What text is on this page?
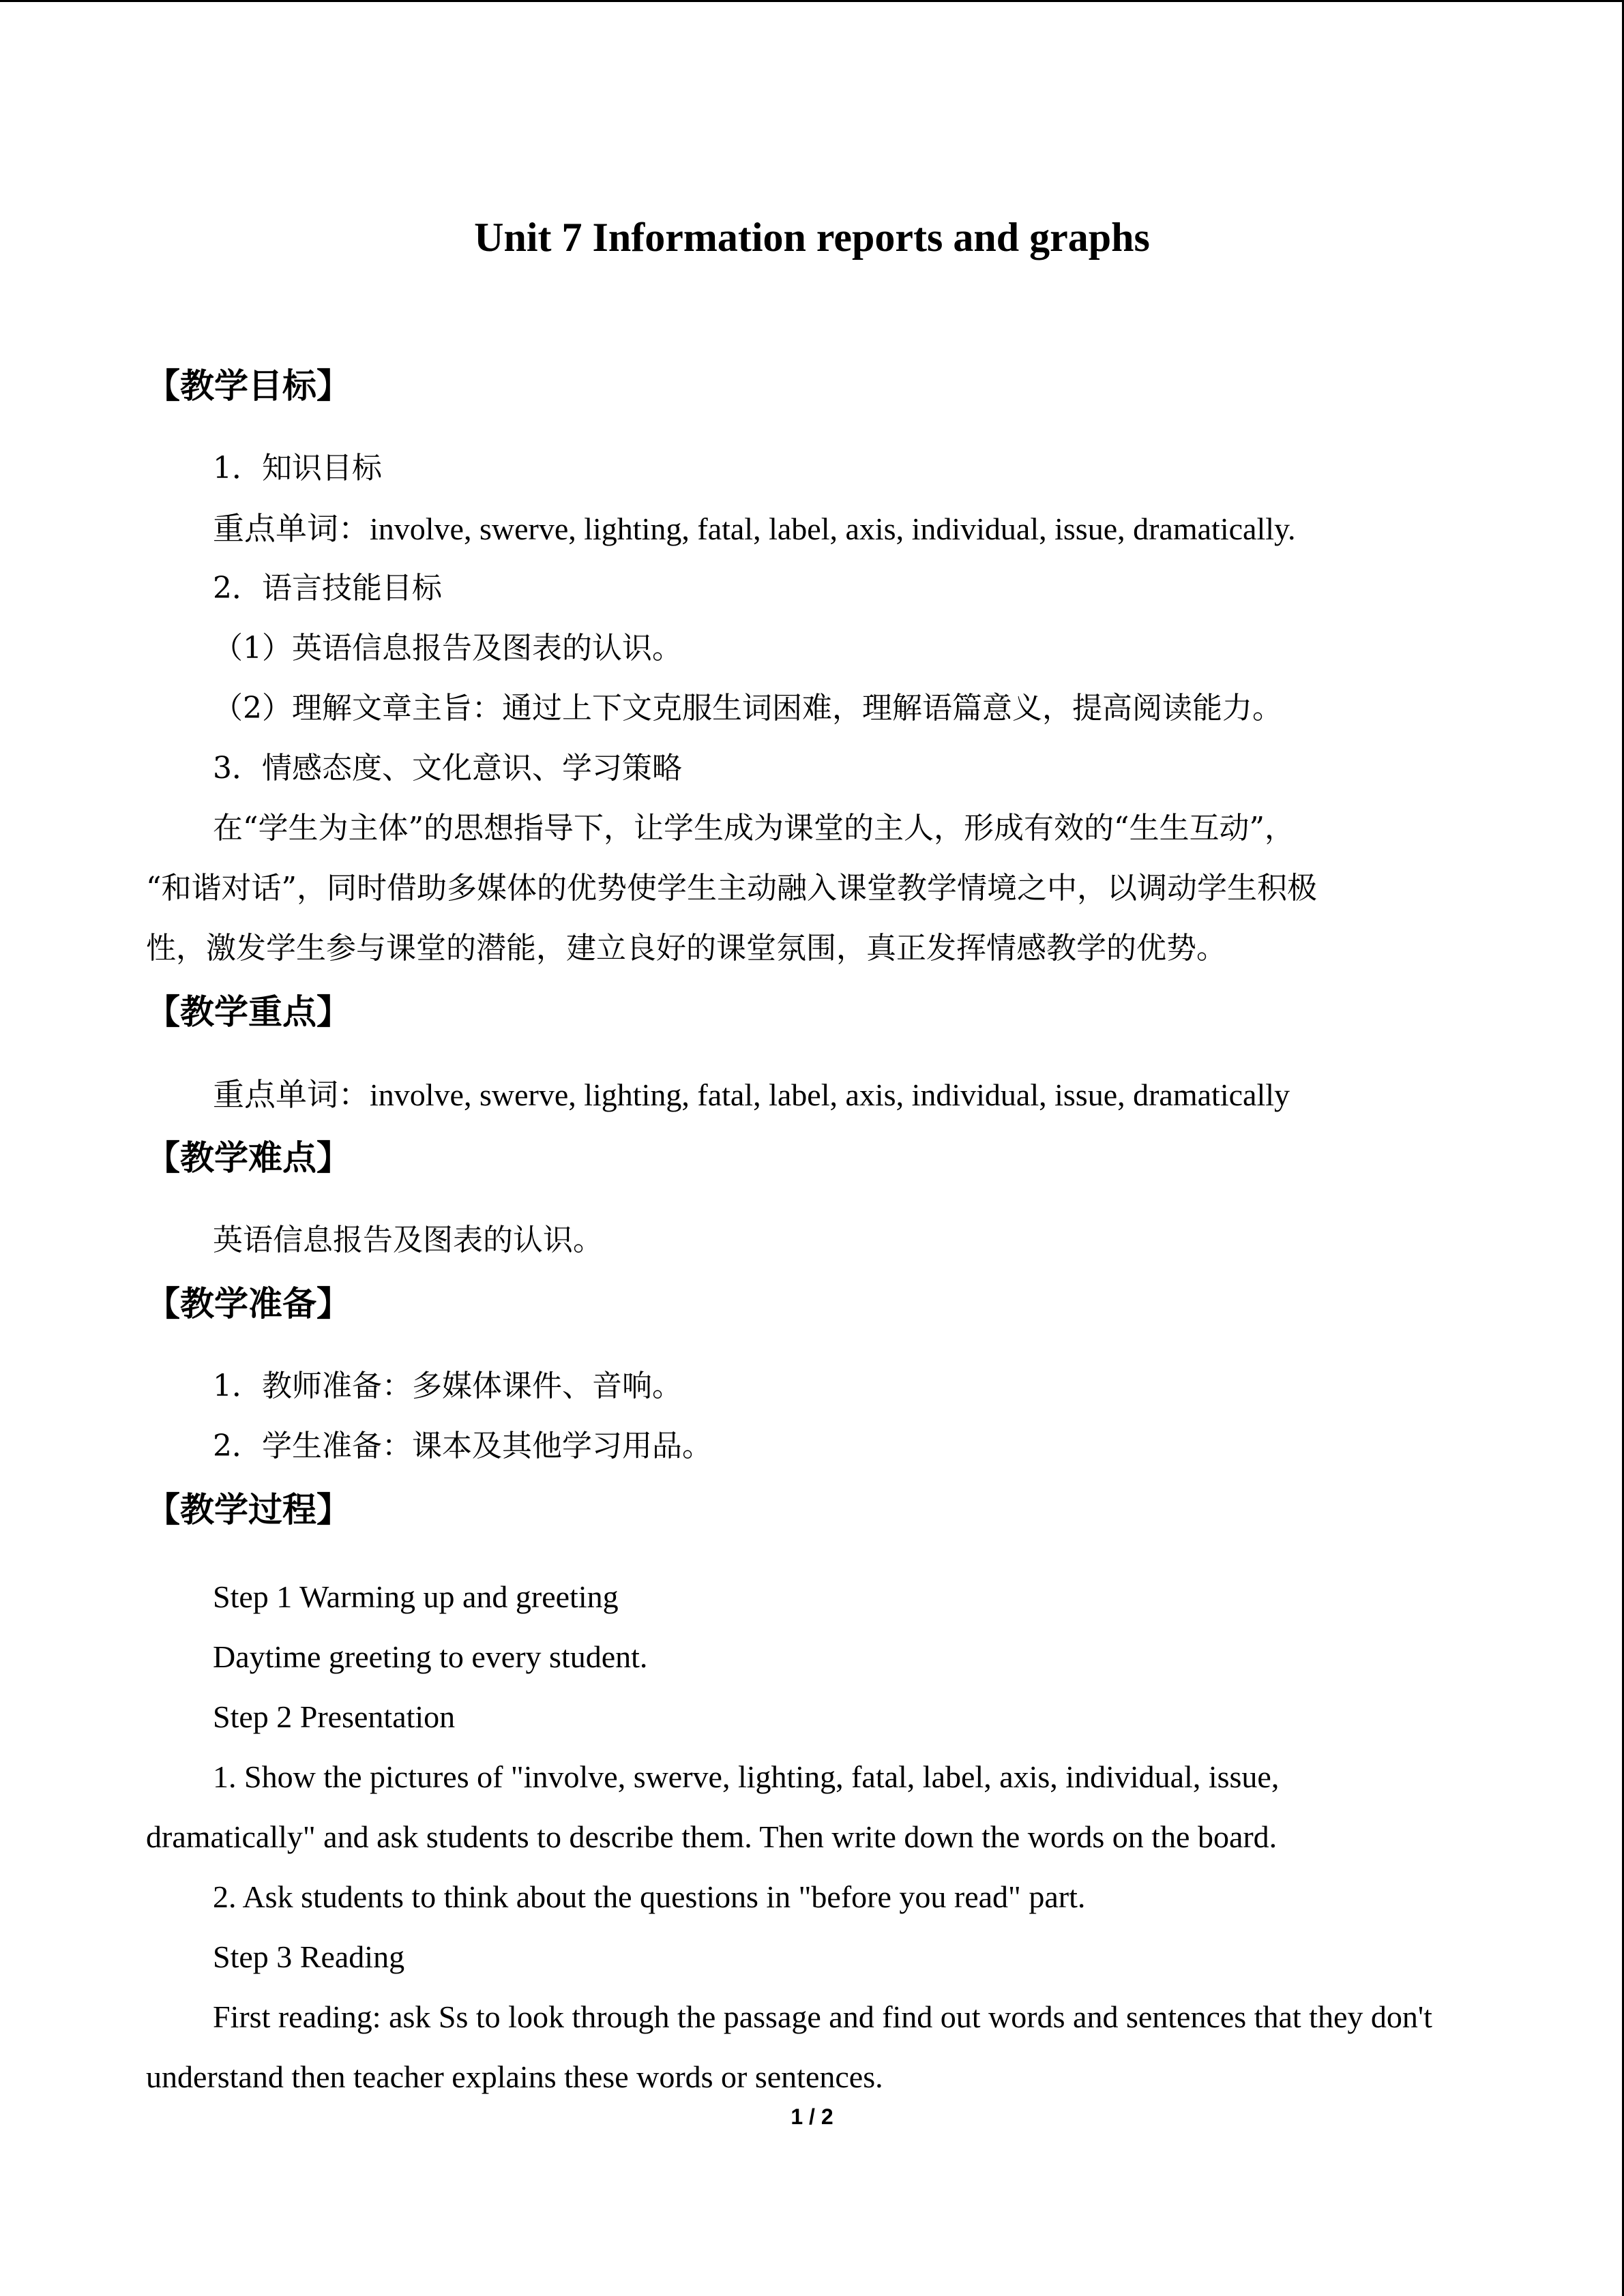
Unit 7 Information reports and graphs
【教学目标】
1．知识目标
重点单词：involve, swerve, lighting, fatal, label, axis, individual, issue, dramatically.
2．语言技能目标
（1）英语信息报告及图表的认识。
（2）理解文章主旨：通过上下文克服生词困难，理解语篇意义，提高阅读能力。
3．情感态度、文化意识、学习策略
在“学生为主体”的思想指导下，让学生成为课堂的主人，形成有效的“生生互动”，
“和谐对话”，同时借助多媒体的优势使学生主动融入课堂教学情境之中，以调动学生积极
性，激发学生参与课堂的潜能，建立良好的课堂氛围，真正发挥情感教学的优势。
【教学重点】
重点单词：involve, swerve, lighting, fatal, label, axis, individual, issue, dramatically
【教学难点】
英语信息报告及图表的认识。
【教学准备】
1．教师准备：多媒体课件、音响。
2．学生准备：课本及其他学习用品。
【教学过程】
Step 1 Warming up and greeting
Daytime greeting to every student.
Step 2 Presentation
1. Show the pictures of "involve, swerve, lighting, fatal, label, axis, individual, issue,
dramatically" and ask students to describe them. Then write down the words on the board.
2. Ask students to think about the questions in "before you read" part.
Step 3 Reading
First reading: ask Ss to look through the passage and find out words and sentences that they don't
understand then teacher explains these words or sentences.
1 / 2
